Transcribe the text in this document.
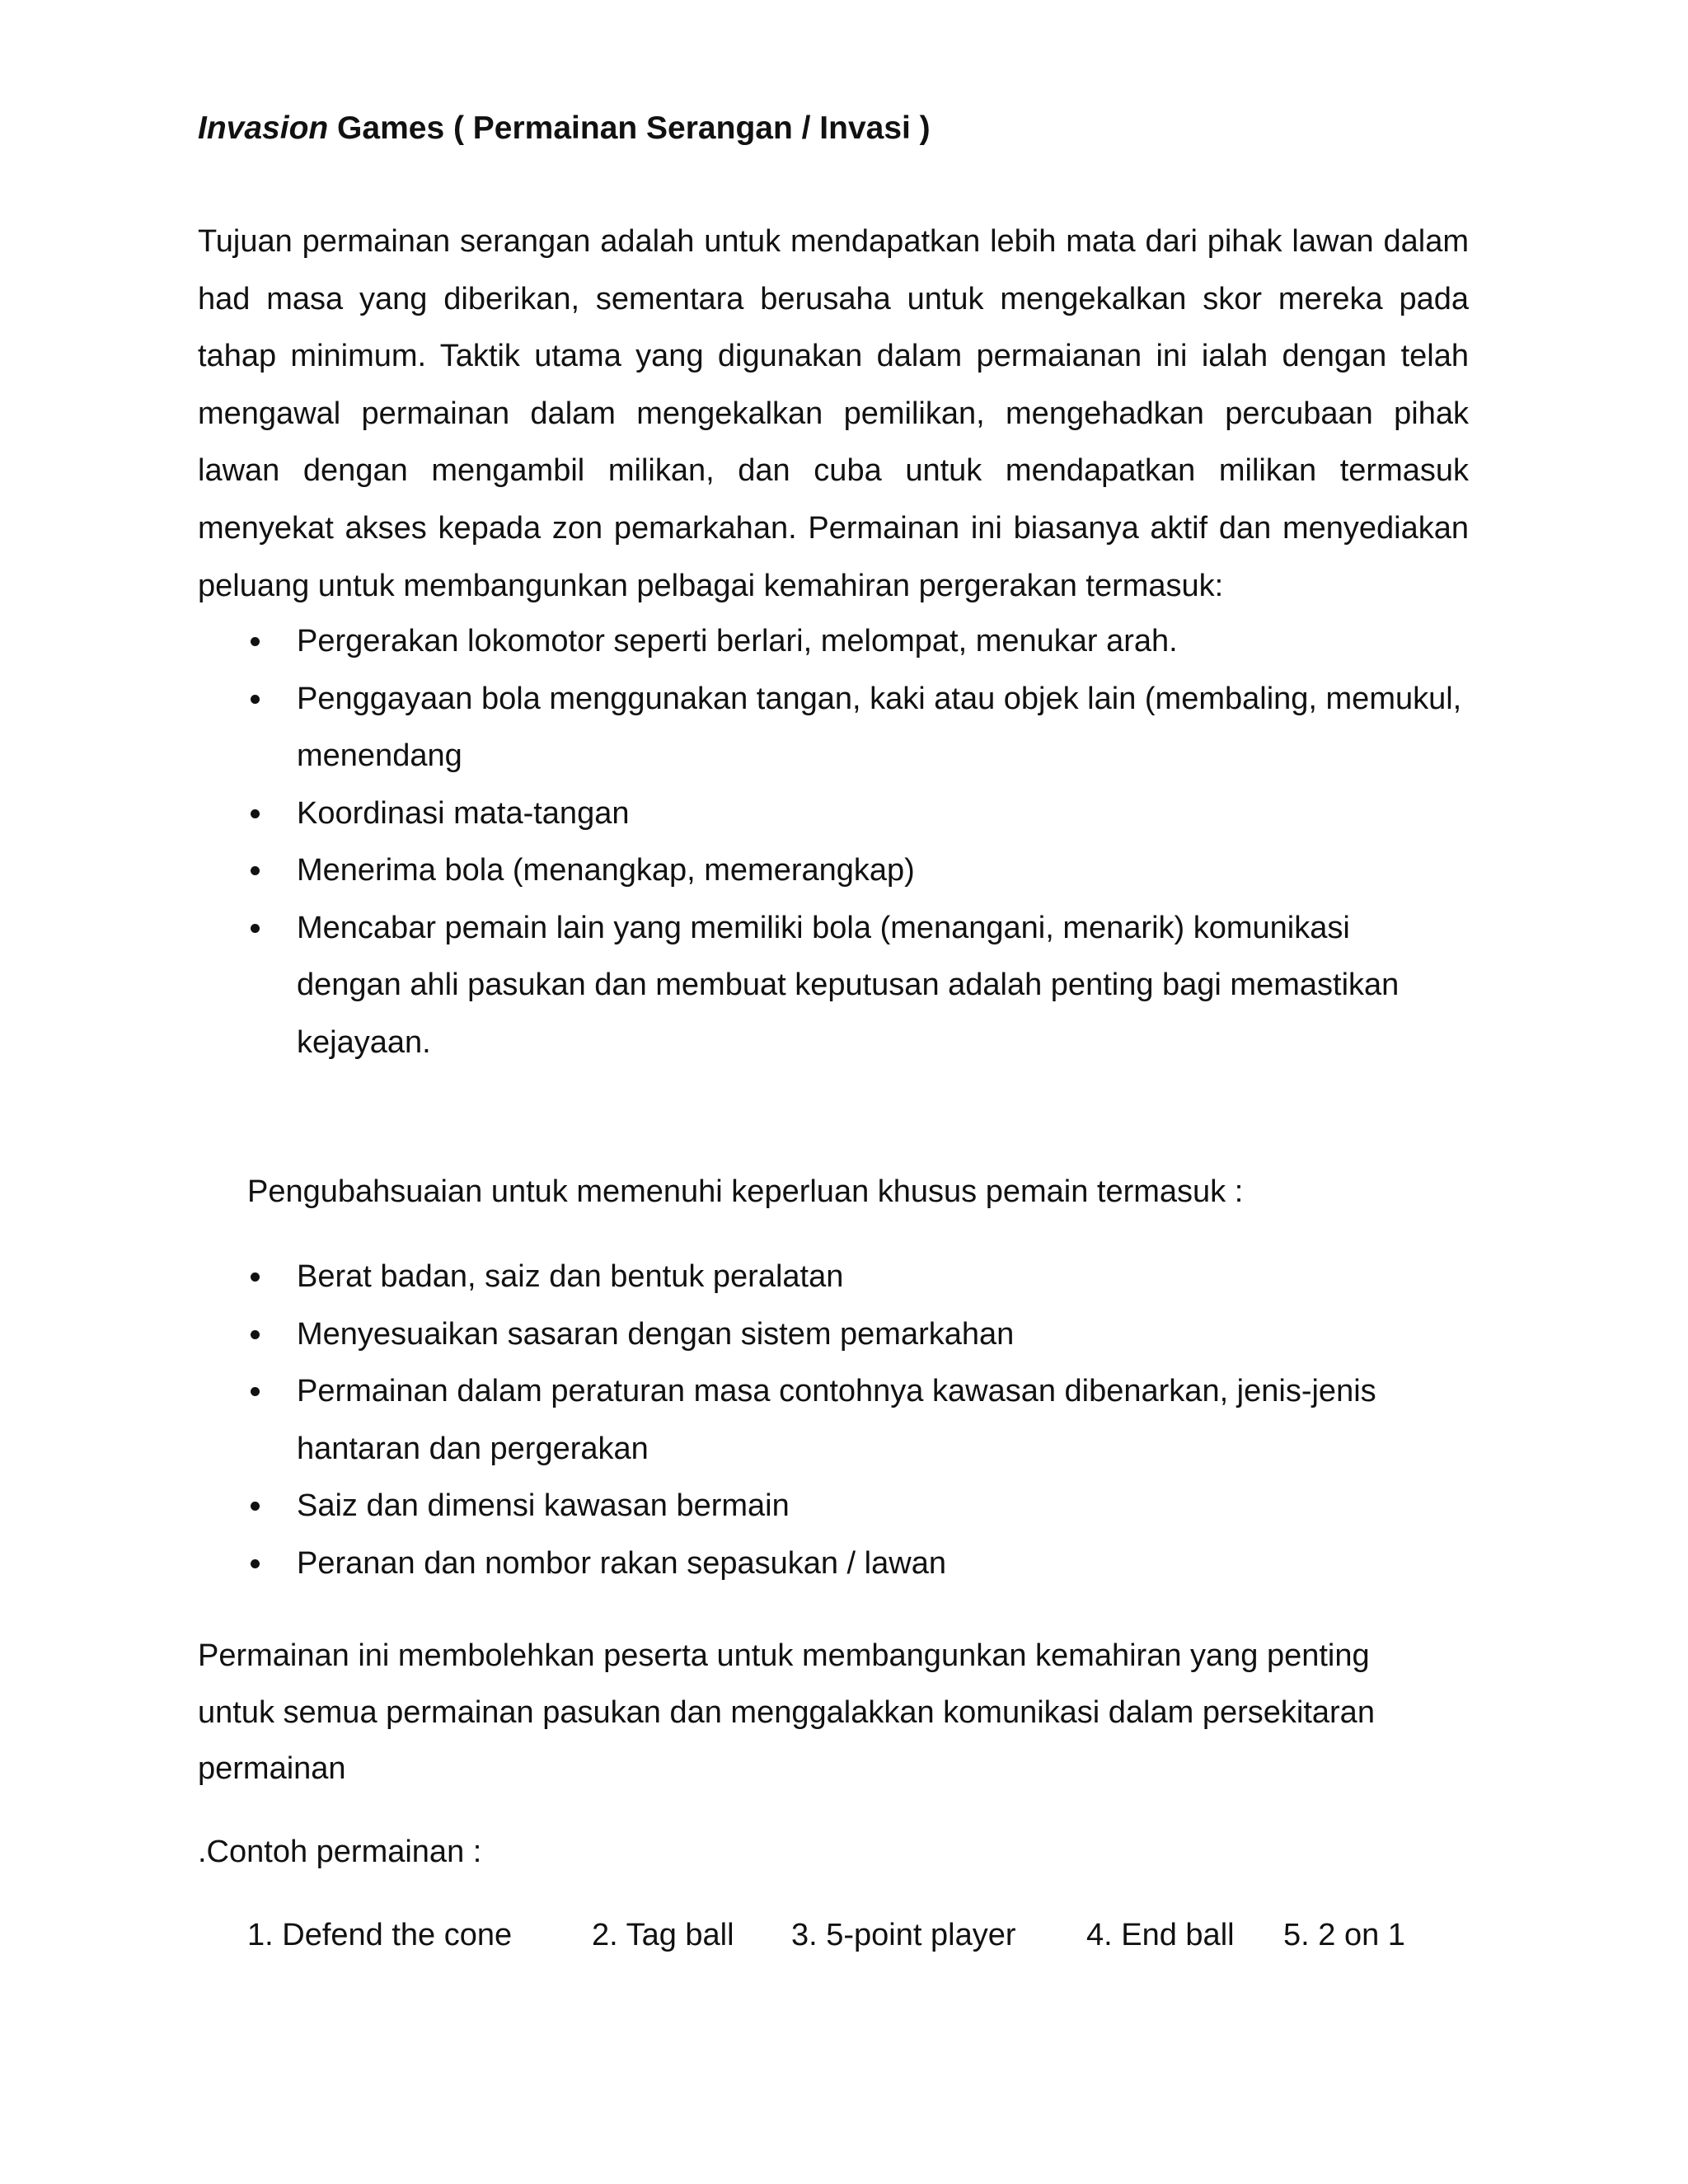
Invasion Games ( Permainan Serangan / Invasi )
Tujuan permainan serangan adalah untuk mendapatkan lebih mata dari pihak lawan dalam had masa yang diberikan, sementara berusaha untuk mengekalkan skor mereka pada tahap minimum. Taktik utama yang digunakan dalam permaianan ini ialah dengan telah mengawal permainan dalam mengekalkan pemilikan, mengehadkan percubaan pihak lawan dengan mengambil milikan, dan cuba untuk mendapatkan milikan termasuk menyekat akses kepada zon pemarkahan. Permainan ini biasanya aktif dan menyediakan peluang untuk membangunkan pelbagai kemahiran pergerakan termasuk:
Pergerakan lokomotor seperti berlari, melompat, menukar arah.
Penggayaan bola menggunakan tangan, kaki atau objek lain (membaling, memukul, menendang
Koordinasi mata-tangan
Menerima bola (menangkap, memerangkap)
Mencabar pemain lain yang memiliki bola (menangani, menarik) komunikasi dengan ahli pasukan dan membuat keputusan adalah penting bagi memastikan kejayaan.
Pengubahsuaian untuk memenuhi keperluan khusus pemain termasuk :
Berat badan, saiz dan bentuk peralatan
Menyesuaikan sasaran dengan sistem pemarkahan
Permainan dalam peraturan masa contohnya kawasan dibenarkan, jenis-jenis hantaran dan pergerakan
Saiz dan dimensi kawasan bermain
Peranan dan nombor rakan sepasukan / lawan
Permainan ini membolehkan peserta untuk membangunkan kemahiran yang penting untuk semua permainan pasukan dan menggalakkan komunikasi dalam persekitaran permainan
.Contoh permainan :
1. Defend the cone	2. Tag ball 3. 5-point player 4. End ball 5. 2 on 1
